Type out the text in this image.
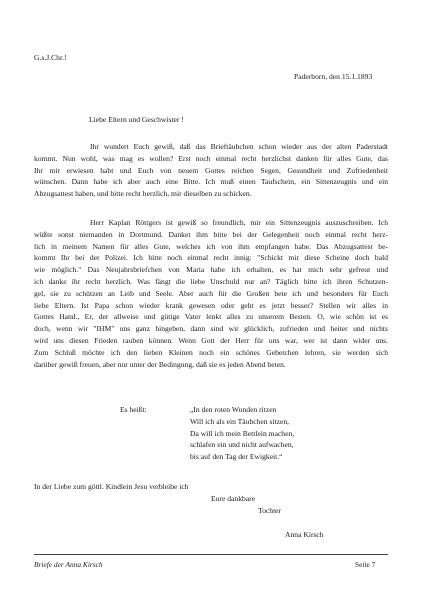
G.s.J.Chr.!
Paderborn, den 15.1.1893
Liebe Eltern und Geschwister !
Ihr wundert Euch gewiß, daß das Brieftäubchen schon wieder aus der alten Paderstadt
kommt. Nun wohl, was mag es wollen? Erst noch einmal recht herzlichst danken für alles Gute, das
Ihr mir erwiesen habt und Euch von neuem Gottes reichen Segen, Gesundheit und Zufriedenheit
wünschen. Dann habe ich aber auch eine Bitte. Ich muß einen Taufschein, ein Sittenzeugnis und ein
Abzugsattest haben, und bitte recht herzlich, mir dieselben zu schicken.
Herr Kaplan Röttgers ist gewiß so freundlich, mir ein Sittenzeugnis auszuschreiben. Ich
wüßte sonst niemanden in Dortmund. Danket ihm bitte bei der Gelegenheit noch einmal recht herz-
lich in meinem Namen für alles Gute, welches ich von ihm empfangen habe. Das Abzugsattest be-
kommt Ihr bei der Polizei. Ich bitte noch einmal recht innig: "Schickt mir diese Scheine doch bald
wie möglich." Das Neujahrsbriefchen von Maria habe ich erhalten, es hat mich sehr gefreut und
ich danke ihr recht herzlich. Was fängt die liebe Unschuld nur an? Täglich bitte ich ihren Schutzen-
gel, sie zu schützen an Leib und Seele. Aber auch für die Großen bete ich und besonders für Euch
liebe Eltern. Ist Papa schon wieder krank gewesen oder geht es jetzt besser? Stellen wir alles in
Gottes Hand., Er, der allweise und gütige Vater lenkt alles zu unserem Besten. O, wie schön ist es
doch, wenn wir "IHM" uns ganz hingeben, dann sind wir glücklich, zufrieden und heiter und nichts
wird uns diesen Frieden rauben können. Wenn Gott der Herr für uns war, wer ist dann wider uns.
Zum Schluß möchte ich den lieben Kleinen noch ein schönes Gebetchen lehren, sie werden sich
darüber gewiß freuen, aber nur unter der Bedingung, daß sie es jeden Abend beten.
Es heißt:	„In den roten Wunden ritzen
Will ich als ein Täubchen sitzen,
Da will ich mein Bettlein machen,
schlafen ein und nicht aufwachen,
bis auf den Tag der Ewigkeit.“
In der Liebe zum göttl. Kindlein Jesu verbleibe ich
Eure dankbare
Tochter
Anna Kirsch
Briefe der Anna Kirsch	Seite 7
